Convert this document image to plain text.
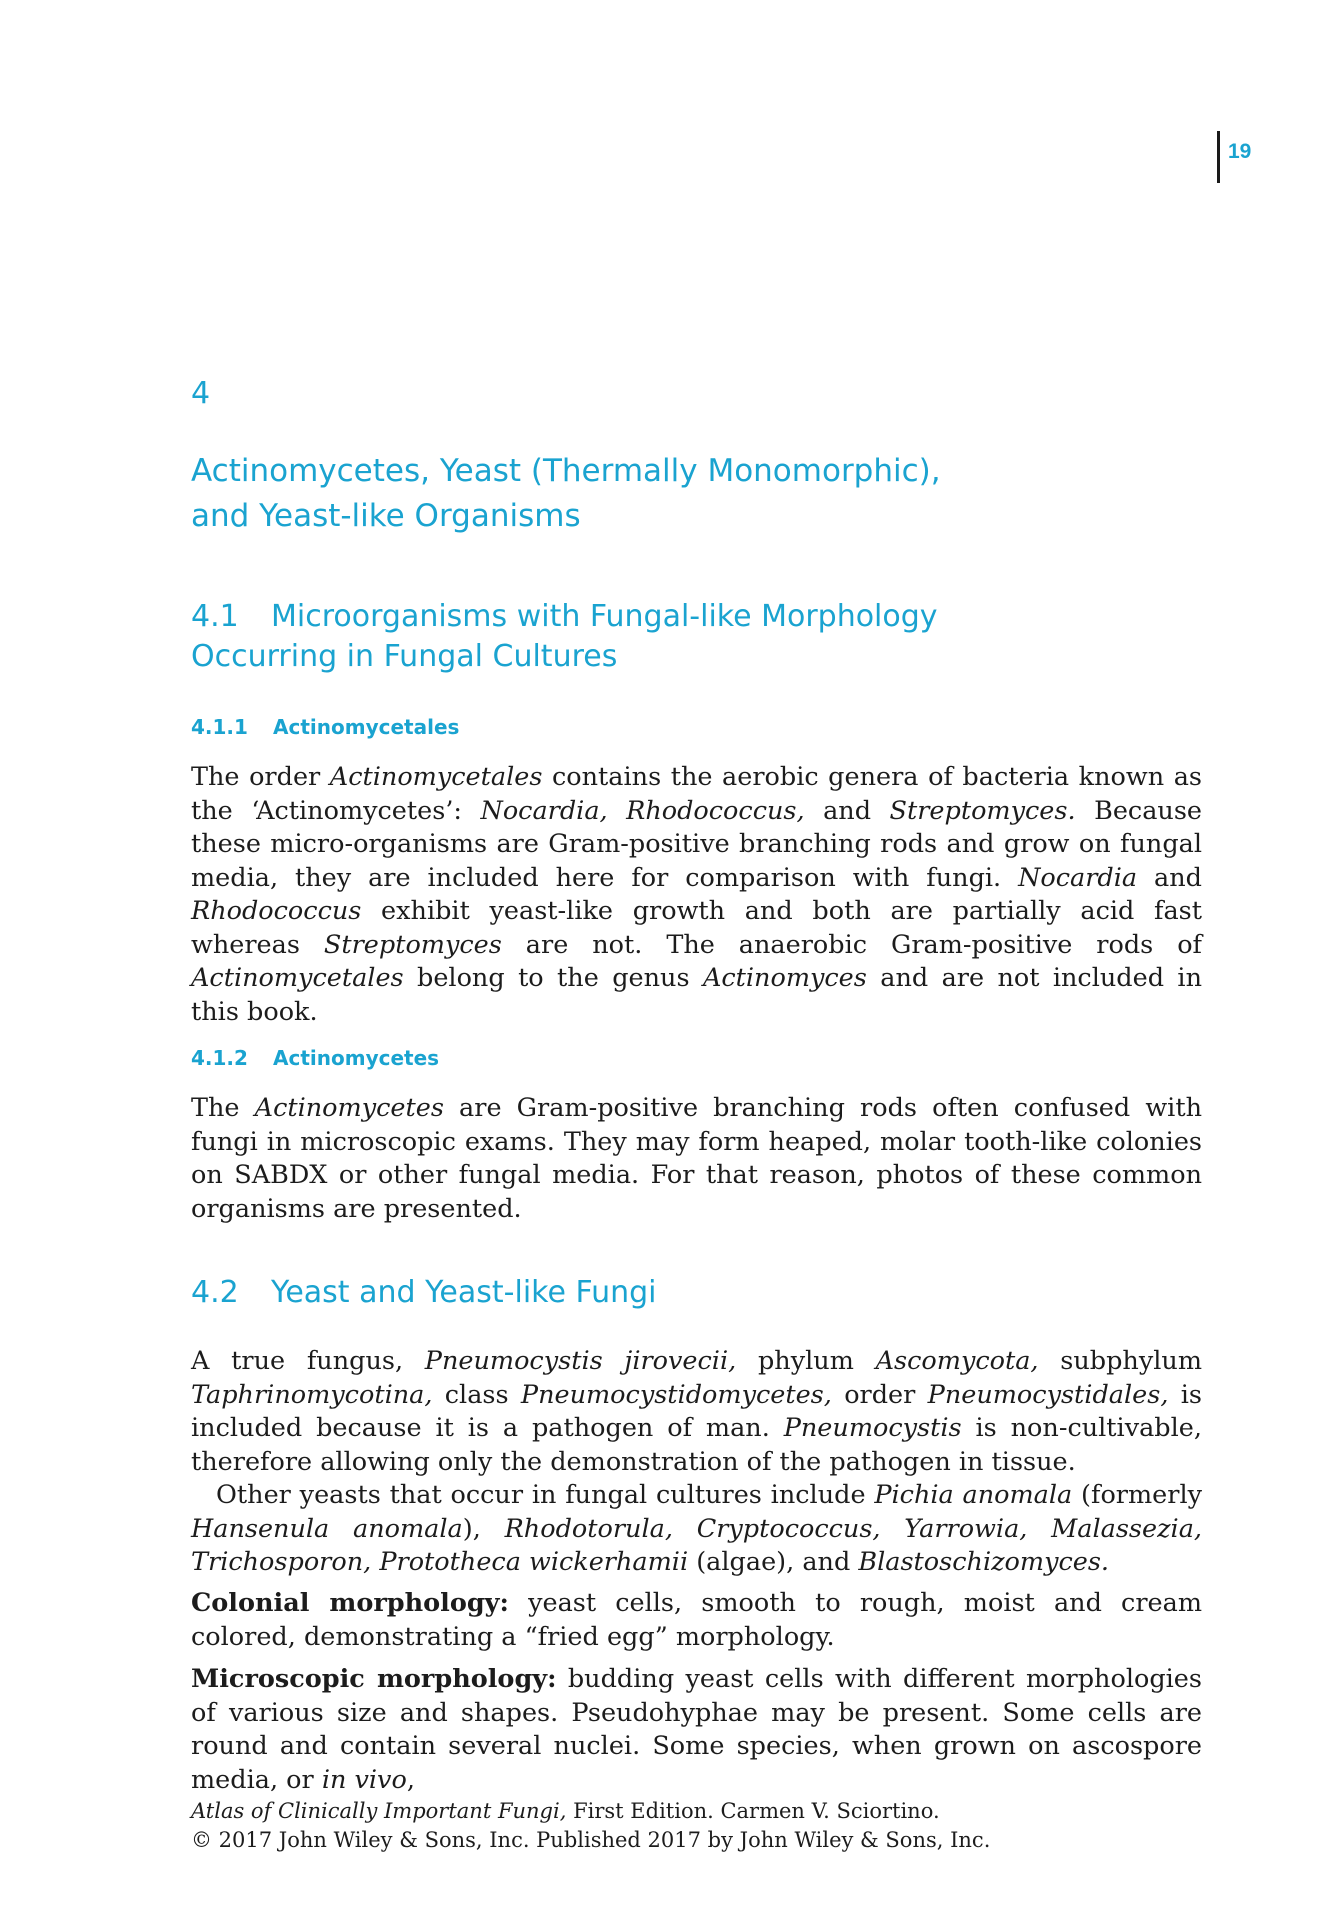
19
4
Actinomycetes, Yeast (Thermally Monomorphic),
and Yeast-like Organisms
4.1 Microorganisms with Fungal-like Morphology
Occurring in Fungal Cultures
4.1.1 Actinomycetales

The order Actinomycetales contains the aerobic genera of bacteria known as the ‘Actinomycetes’: Nocardia, Rhodococcus, and Streptomyces. Because these micro-organisms are Gram-positive branching rods and grow on fungal media, they are included here for comparison with fungi. Nocardia and Rhodococcus exhibit yeast-like growth and both are partially acid fast whereas Streptomyces are not. The anaerobic Gram-positive rods of Actinomycetales belong to the genus Actinomyces and are not included in this book.

4.1.2 Actinomycetes

The Actinomycetes are Gram-positive branching rods often confused with fungi in microscopic exams. They may form heaped, molar tooth-like colonies on SABDX or other fungal media. For that reason, photos of these common organisms are presented.

4.2 Yeast and Yeast-like Fungi

A true fungus, Pneumocystis jirovecii, phylum Ascomycota, subphylum Taphrinomycotina, class Pneumocystidomycetes, order Pneumocystidales, is included because it is a pathogen of man. Pneumocystis is non-cultivable, therefore allowing only the demonstration of the pathogen in tissue.

Other yeasts that occur in fungal cultures include Pichia anomala (formerly Hansenula anomala), Rhodotorula, Cryptococcus, Yarrowia, Malassezia, Trichosporon, Prototheca wickerhamii (algae), and Blastoschizomyces.

Colonial morphology: yeast cells, smooth to rough, moist and cream colored, demonstrating a “fried egg” morphology.

Microscopic morphology: budding yeast cells with different morphologies of various size and shapes. Pseudohyphae may be present. Some cells are round and contain several nuclei. Some species, when grown on ascospore media, or in vivo,

Atlas of Clinically Important Fungi, First Edition. Carmen V. Sciortino.
© 2017 John Wiley & Sons, Inc. Published 2017 by John Wiley & Sons, Inc.
